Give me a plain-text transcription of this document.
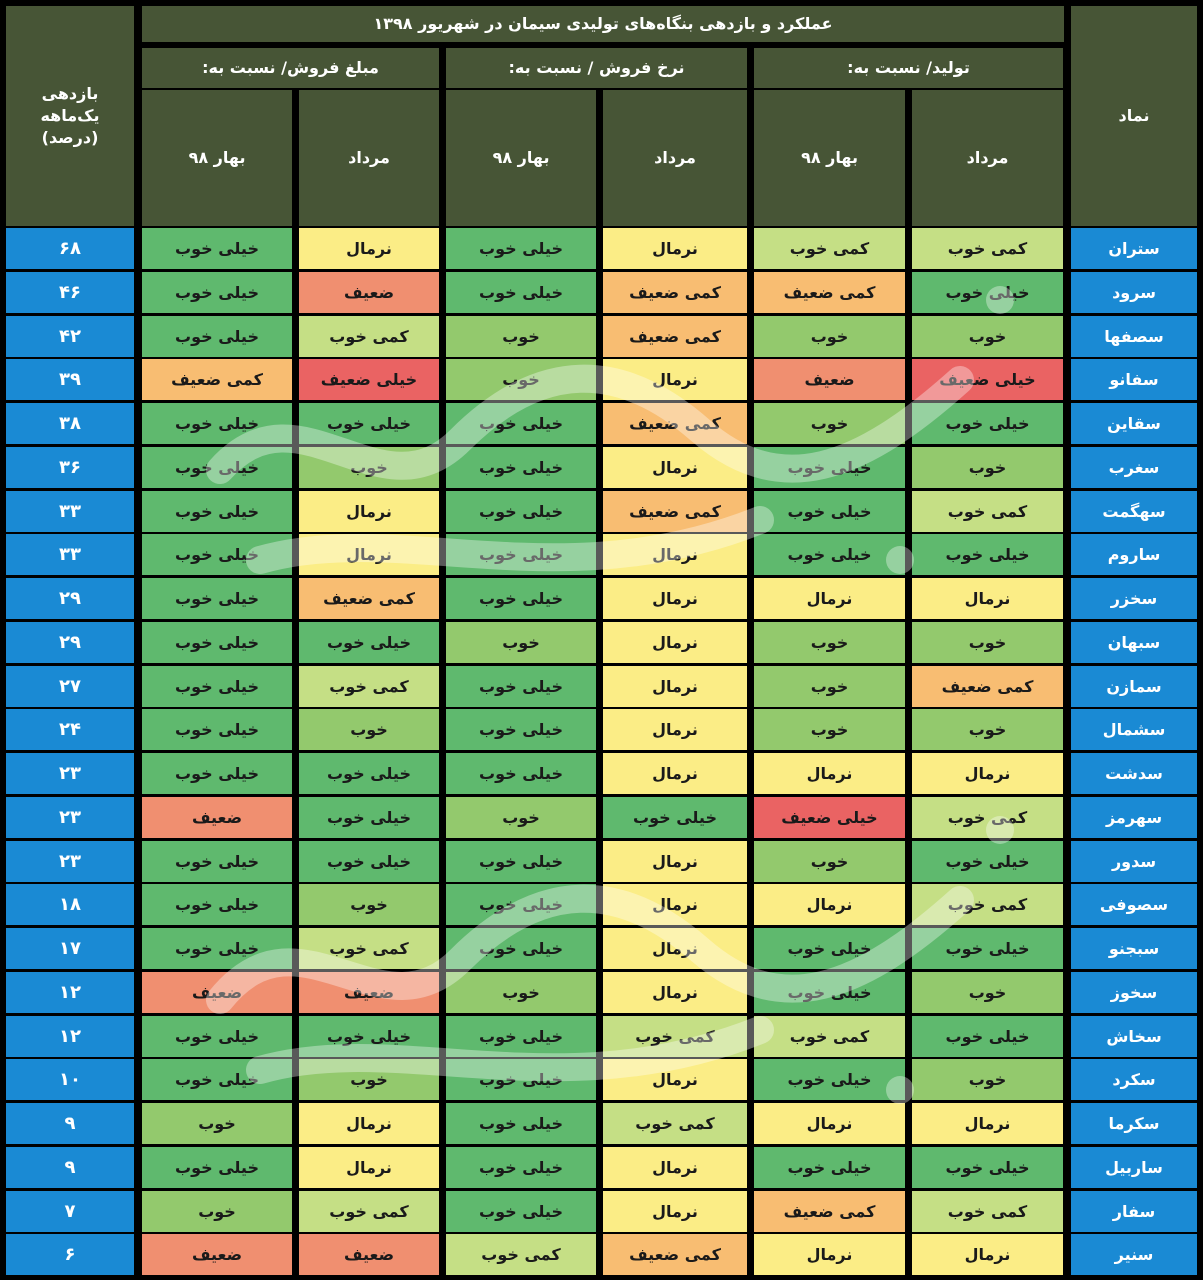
عملکرد و بازدهی بنگاه‌های تولیدی سیمان در شهریور ۱۳۹۸
نماد
بازدهی
یک‌ماهه
(درصد)
تولید/ نسبت به:
نرخ فروش / نسبت به:
مبلغ فروش/ نسبت به:
مرداد
بهار ۹۸
مرداد
بهار ۹۸
مرداد
بهار ۹۸
ستران
کمی خوب
کمی خوب
نرمال
خیلی خوب
نرمال
خیلی خوب
۶۸
سرود
خیلی خوب
کمی ضعیف
کمی ضعیف
خیلی خوب
ضعیف
خیلی خوب
۴۶
سصفها
خوب
خوب
کمی ضعیف
خوب
کمی خوب
خیلی خوب
۴۲
سفانو
خیلی ضعیف
ضعیف
نرمال
خوب
خیلی ضعیف
کمی ضعیف
۳۹
سقاین
خیلی خوب
خوب
کمی ضعیف
خیلی خوب
خیلی خوب
خیلی خوب
۳۸
سغرب
خوب
خیلی خوب
نرمال
خیلی خوب
خوب
خیلی خوب
۳۶
سهگمت
کمی خوب
خیلی خوب
کمی ضعیف
خیلی خوب
نرمال
خیلی خوب
۳۳
ساروم
خیلی خوب
خیلی خوب
نرمال
خیلی خوب
نرمال
خیلی خوب
۳۳
سخزر
نرمال
نرمال
نرمال
خیلی خوب
کمی ضعیف
خیلی خوب
۲۹
سبهان
خوب
خوب
نرمال
خوب
خیلی خوب
خیلی خوب
۲۹
سمازن
کمی ضعیف
خوب
نرمال
خیلی خوب
کمی خوب
خیلی خوب
۲۷
سشمال
خوب
خوب
نرمال
خیلی خوب
خوب
خیلی خوب
۲۴
سدشت
نرمال
نرمال
نرمال
خیلی خوب
خیلی خوب
خیلی خوب
۲۳
سهرمز
کمی خوب
خیلی ضعیف
خیلی خوب
خوب
خیلی خوب
ضعیف
۲۳
سدور
خیلی خوب
خوب
نرمال
خیلی خوب
خیلی خوب
خیلی خوب
۲۳
سصوفی
کمی خوب
نرمال
نرمال
خیلی خوب
خوب
خیلی خوب
۱۸
سبجنو
خیلی خوب
خیلی خوب
نرمال
خیلی خوب
کمی خوب
خیلی خوب
۱۷
سخوز
خوب
خیلی خوب
نرمال
خوب
ضعیف
ضعیف
۱۲
سخاش
خیلی خوب
کمی خوب
کمی خوب
خیلی خوب
خیلی خوب
خیلی خوب
۱۲
سکرد
خوب
خیلی خوب
نرمال
خیلی خوب
خوب
خیلی خوب
۱۰
سکرما
نرمال
نرمال
کمی خوب
خیلی خوب
نرمال
خوب
۹
ساربیل
خیلی خوب
خیلی خوب
نرمال
خیلی خوب
نرمال
خیلی خوب
۹
سفار
کمی خوب
کمی ضعیف
نرمال
خیلی خوب
کمی خوب
خوب
۷
سنیر
نرمال
نرمال
کمی ضعیف
کمی خوب
ضعیف
ضعیف
۶
